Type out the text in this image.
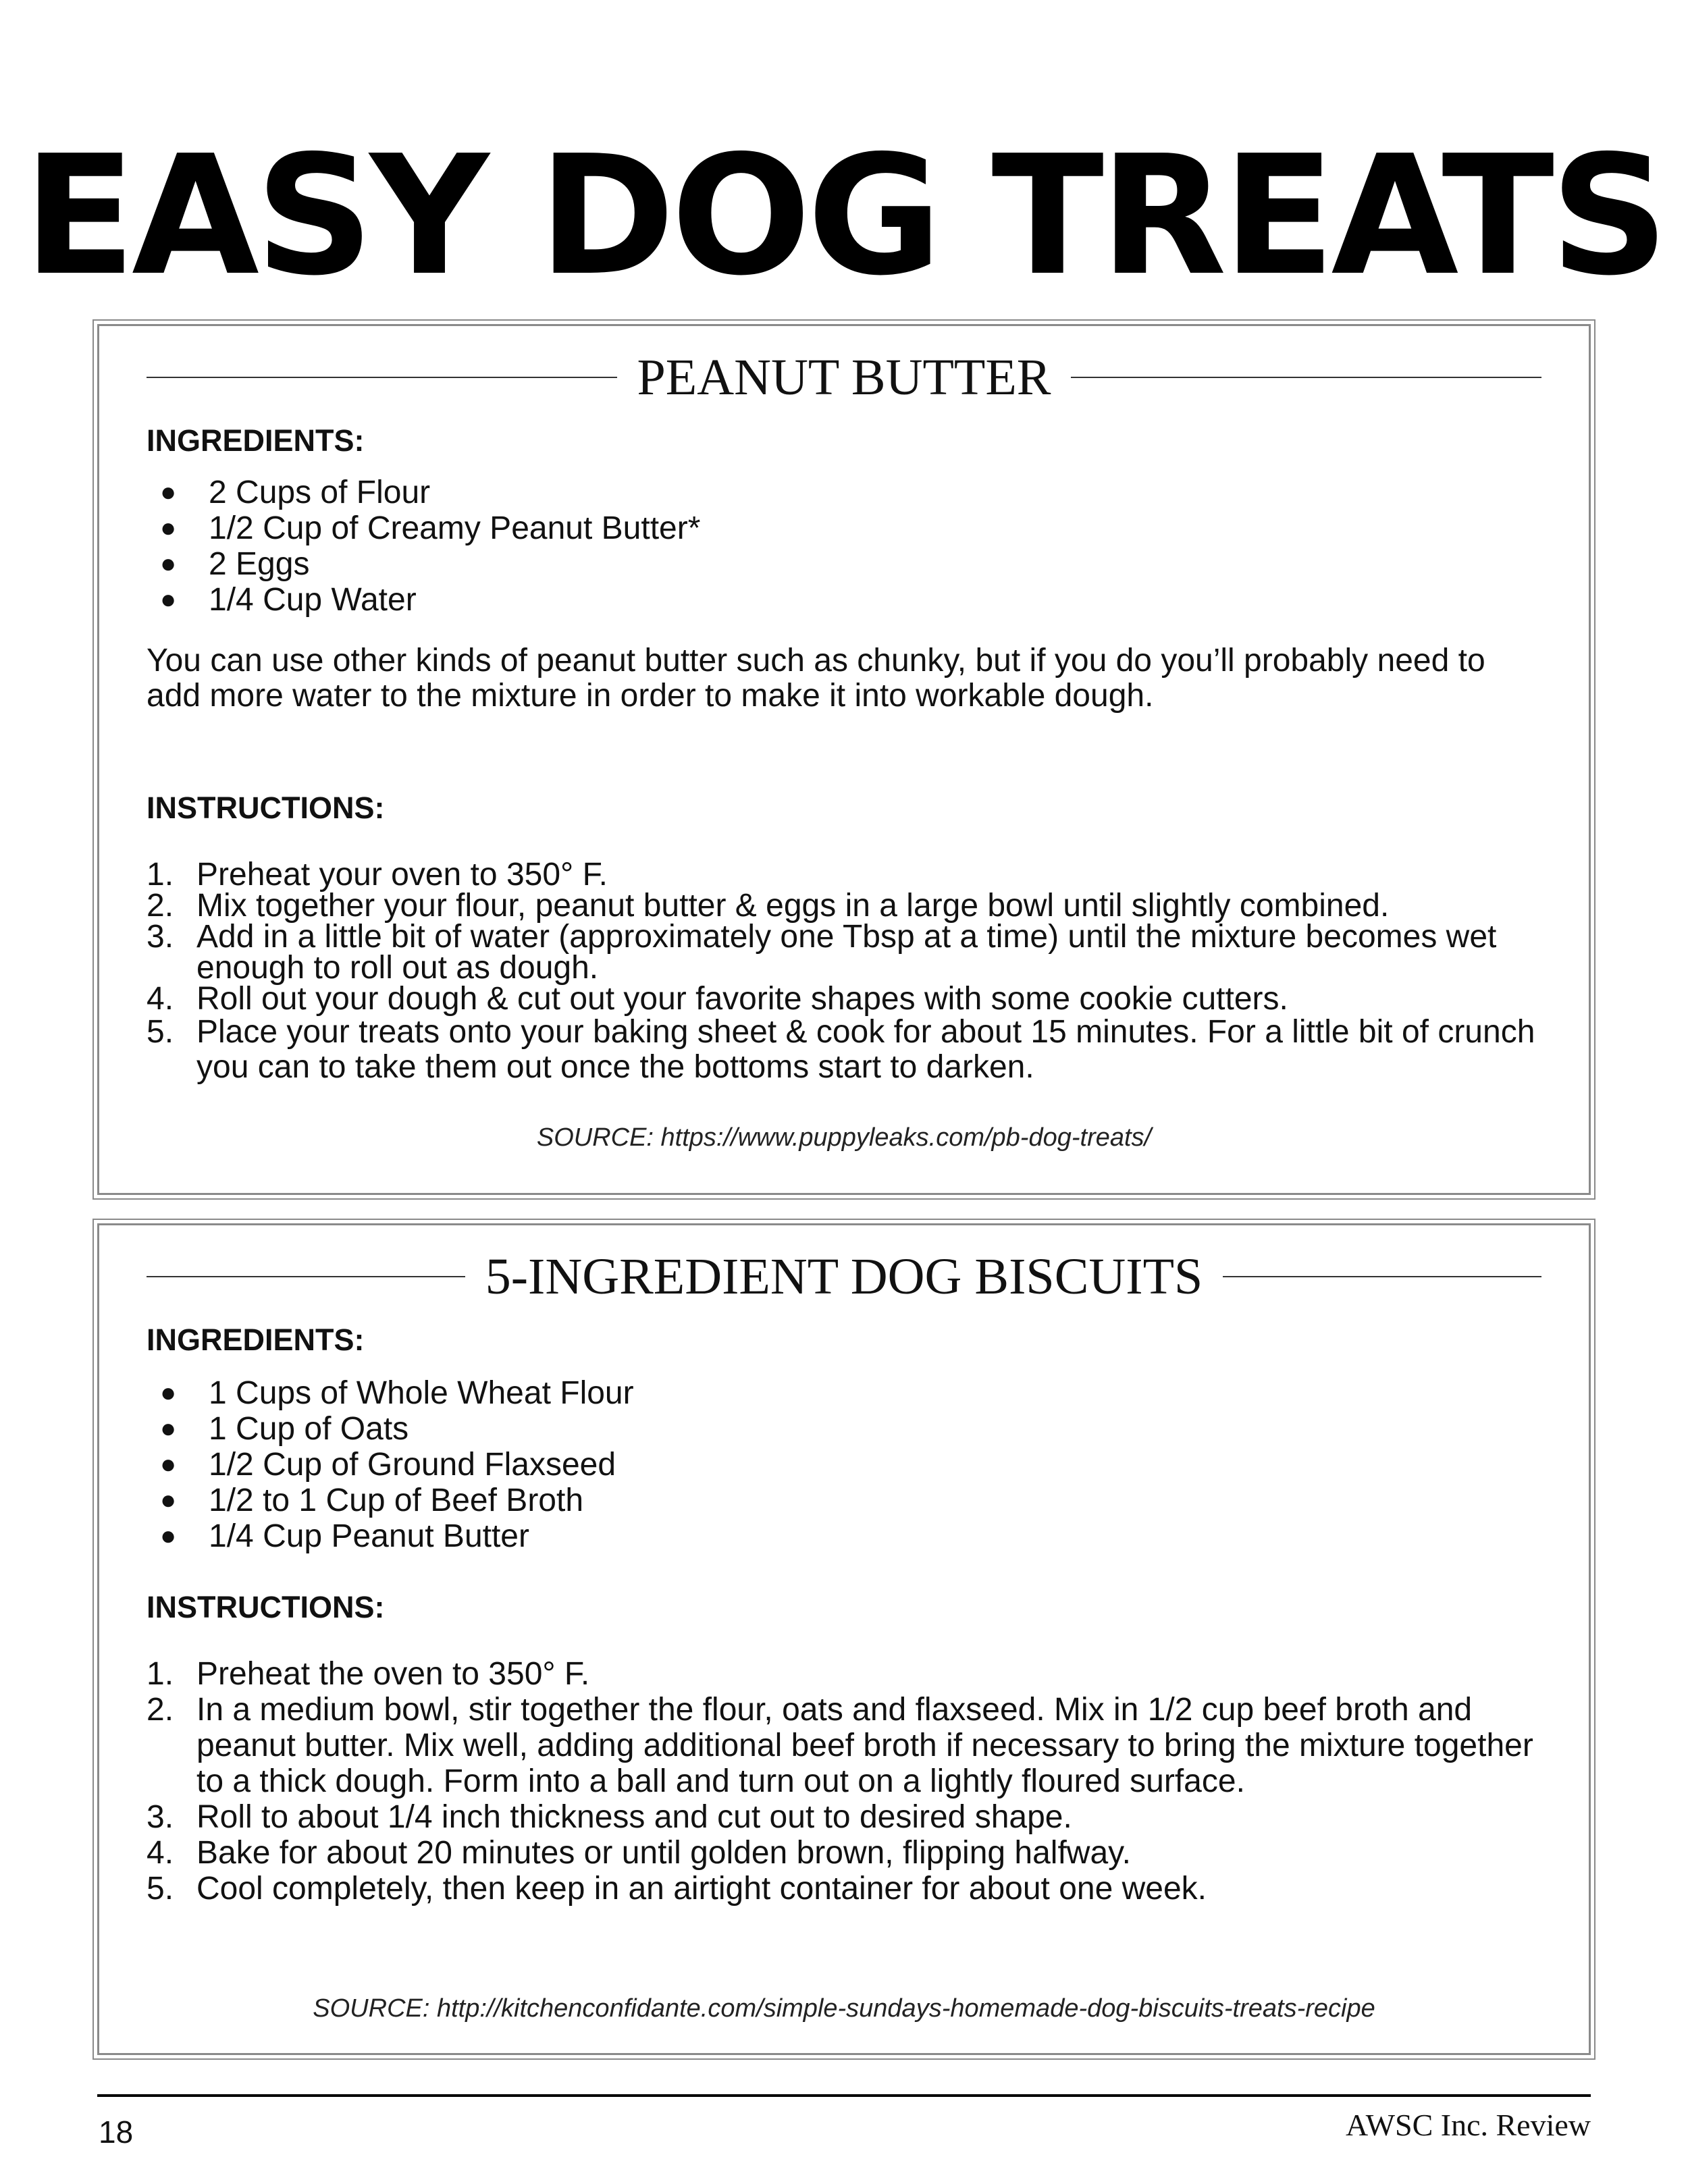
EASY DOG TREATS
PEANUT BUTTER
INGREDIENTS:
● 2 Cups of Flour
● 1/2 Cup of Creamy Peanut Butter*
● 2 Eggs
● 1/4 Cup Water

You can use other kinds of peanut butter such as chunky, but if you do you’ll probably need to add more water to the mixture in order to make it into workable dough.

INSTRUCTIONS:
1. Preheat your oven to 350° F.
2. Mix together your flour, peanut butter & eggs in a large bowl until slightly combined.
3. Add in a little bit of water (approximately one Tbsp at a time) until the mixture becomes wet enough to roll out as dough.
4. Roll out your dough & cut out your favorite shapes with some cookie cutters.
5. Place your treats onto your baking sheet & cook for about 15 minutes. For a little bit of crunch you can to take them out once the bottoms start to darken.

SOURCE: https://www.puppyleaks.com/pb-dog-treats/

5-INGREDIENT DOG BISCUITS
INGREDIENTS:
● 1 Cups of Whole Wheat Flour
● 1 Cup of Oats
● 1/2 Cup of Ground Flaxseed
● 1/2 to 1 Cup of Beef Broth
● 1/4 Cup Peanut Butter
INSTRUCTIONS:
1. Preheat the oven to 350° F.
2. In a medium bowl, stir together the flour, oats and flaxseed. Mix in 1/2 cup beef broth and peanut butter. Mix well, adding additional beef broth if necessary to bring the mixture together to a thick dough. Form into a ball and turn out on a lightly floured surface.
3. Roll to about 1/4 inch thickness and cut out to desired shape.
4. Bake for about 20 minutes or until golden brown, flipping halfway.
5. Cool completely, then keep in an airtight container for about one week.

SOURCE: http://kitchenconfidante.com/simple-sundays-homemade-dog-biscuits-treats-recipe

18	AWSC Inc. Review
